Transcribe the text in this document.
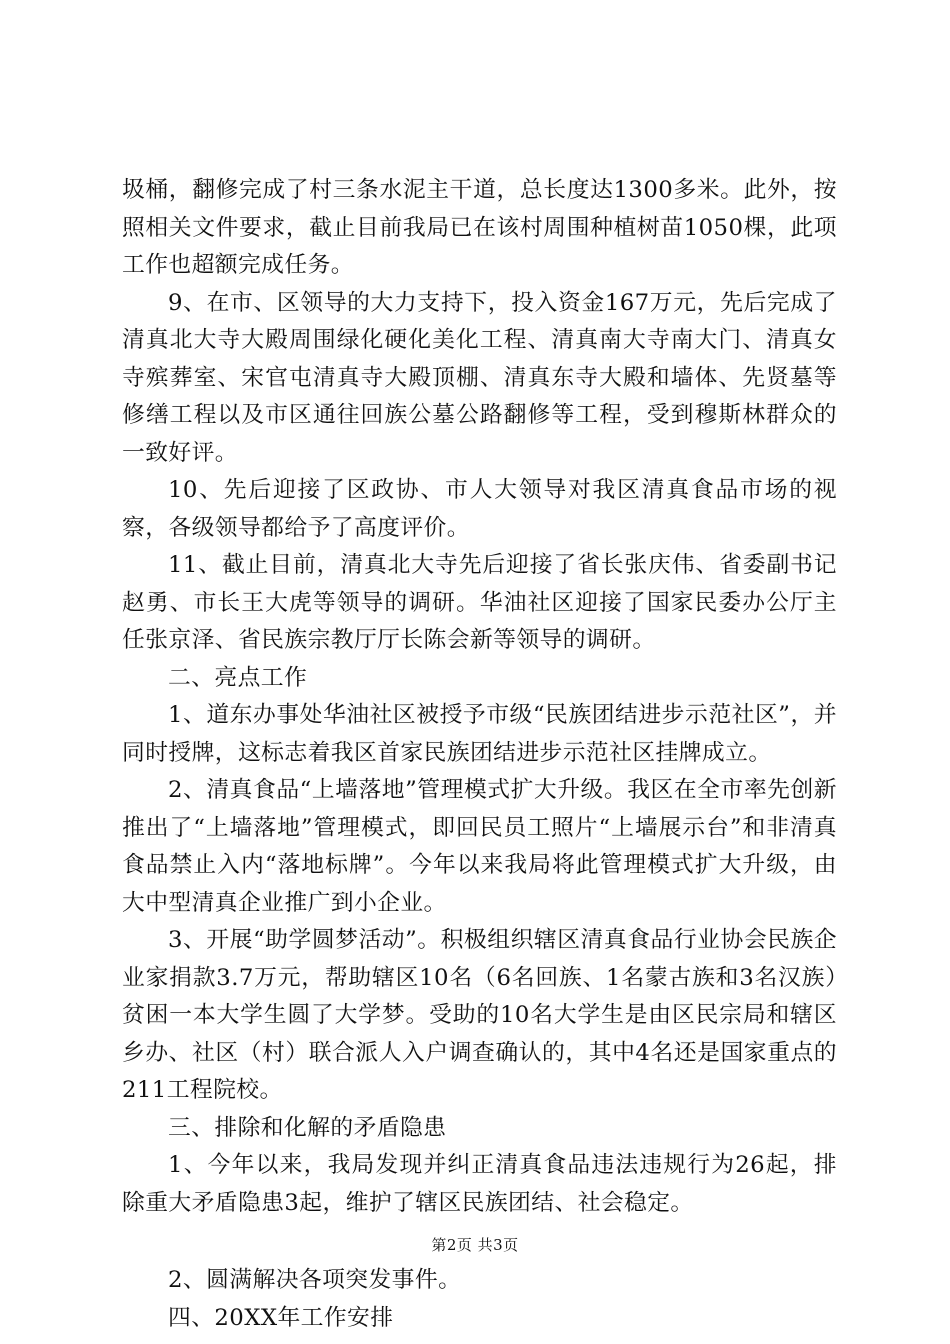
圾桶，翻修完成了村三条水泥主干道，总长度达1300多米。此外，按照相关文件要求，截止目前我局已在该村周围种植树苗1050棵，此项工作也超额完成任务。

9、在市、区领导的大力支持下，投入资金167万元，先后完成了清真北大寺大殿周围绿化硬化美化工程、清真南大寺南大门、清真女寺殡葬室、宋官屯清真寺大殿顶棚、清真东寺大殿和墙体、先贤墓等修缮工程以及市区通往回族公墓公路翻修等工程，受到穆斯林群众的一致好评。

10、先后迎接了区政协、市人大领导对我区清真食品市场的视察，各级领导都给予了高度评价。

11、截止目前，清真北大寺先后迎接了省长张庆伟、省委副书记赵勇、市长王大虎等领导的调研。华油社区迎接了国家民委办公厅主任张京泽、省民族宗教厅厅长陈会新等领导的调研。

二、亮点工作

1、道东办事处华油社区被授予市级“民族团结进步示范社区”，并同时授牌，这标志着我区首家民族团结进步示范社区挂牌成立。

2、清真食品“上墙落地”管理模式扩大升级。我区在全市率先创新推出了“上墙落地”管理模式，即回民员工照片“上墙展示台”和非清真食品禁止入内“落地标牌”。今年以来我局将此管理模式扩大升级，由大中型清真企业推广到小企业。

3、开展“助学圆梦活动”。积极组织辖区清真食品行业协会民族企业家捐款3.7万元，帮助辖区10名（6名回族、1名蒙古族和3名汉族）贫困一本大学生圆了大学梦。受助的10名大学生是由区民宗局和辖区乡办、社区（村）联合派人入户调查确认的，其中4名还是国家重点的211工程院校。

三、排除和化解的矛盾隐患

1、今年以来，我局发现并纠正清真食品违法违规行为26起，排除重大矛盾隐患3起，维护了辖区民族团结、社会稳定。

2、圆满解决各项突发事件。

四、20XX年工作安排

第2页 共3页
